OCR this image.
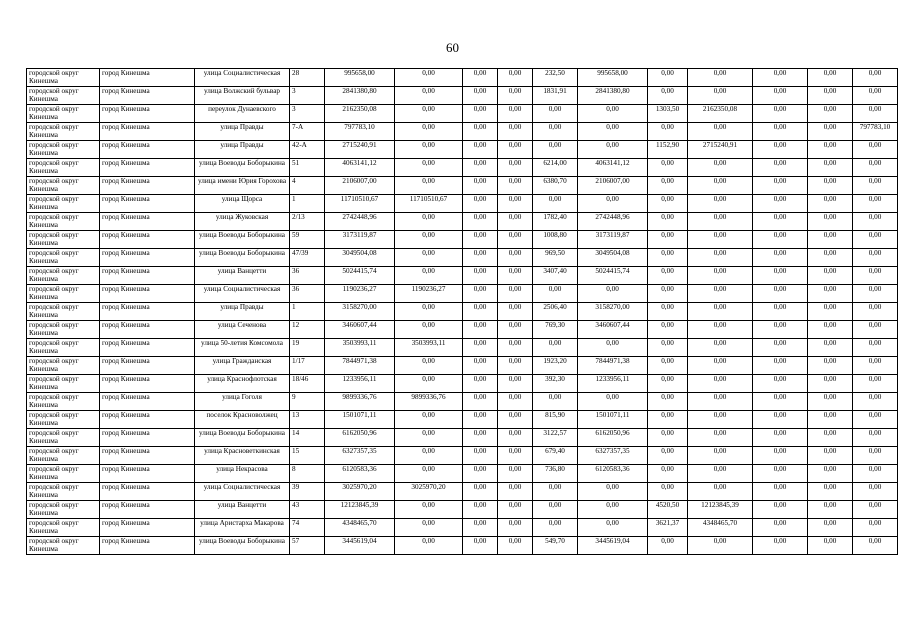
60
городской округ Кинешма	город Кинешма	улица Социалистическая	28	995658,00	0,00	0,00	0,00	232,50	995658,00	0,00	0,00	0,00	0,00	0,00
городской округ Кинешма	город Кинешма	улица Волжский бульвар	3	2841380,80	0,00	0,00	0,00	1831,91	2841380,80	0,00	0,00	0,00	0,00	0,00
городской округ Кинешма	город Кинешма	переулок Дунаевского	3	2162350,08	0,00	0,00	0,00	0,00	0,00	1303,50	2162350,08	0,00	0,00	0,00
городской округ Кинешма	город Кинешма	улица Правды	7-А	797783,10	0,00	0,00	0,00	0,00	0,00	0,00	0,00	0,00	0,00	797783,10
городской округ Кинешма	город Кинешма	улица Правды	42-А	2715240,91	0,00	0,00	0,00	0,00	0,00	1152,90	2715240,91	0,00	0,00	0,00
городской округ Кинешма	город Кинешма	улица Воеводы Боборыкина	51	4063141,12	0,00	0,00	0,00	6214,00	4063141,12	0,00	0,00	0,00	0,00	0,00
городской округ Кинешма	город Кинешма	улица имени Юрия Горохова	4	2106007,00	0,00	0,00	0,00	6380,70	2106007,00	0,00	0,00	0,00	0,00	0,00
городской округ Кинешма	город Кинешма	улица Щорса	1	11710510,67	11710510,67	0,00	0,00	0,00	0,00	0,00	0,00	0,00	0,00	0,00
городской округ Кинешма	город Кинешма	улица Жуковская	2/13	2742448,96	0,00	0,00	0,00	1782,40	2742448,96	0,00	0,00	0,00	0,00	0,00
городской округ Кинешма	город Кинешма	улица Воеводы Боборыкина	59	3173119,87	0,00	0,00	0,00	1008,80	3173119,87	0,00	0,00	0,00	0,00	0,00
городской округ Кинешма	город Кинешма	улица Воеводы Боборыкина	47/39	3049504,08	0,00	0,00	0,00	969,50	3049504,08	0,00	0,00	0,00	0,00	0,00
городской округ Кинешма	город Кинешма	улица Ванцетти	36	5024415,74	0,00	0,00	0,00	3407,40	5024415,74	0,00	0,00	0,00	0,00	0,00
городской округ Кинешма	город Кинешма	улица Социалистическая	36	1190236,27	1190236,27	0,00	0,00	0,00	0,00	0,00	0,00	0,00	0,00	0,00
городской округ Кинешма	город Кинешма	улица Правды	1	3158270,00	0,00	0,00	0,00	2506,40	3158270,00	0,00	0,00	0,00	0,00	0,00
городской округ Кинешма	город Кинешма	улица Сеченова	12	3460607,44	0,00	0,00	0,00	769,30	3460607,44	0,00	0,00	0,00	0,00	0,00
городской округ Кинешма	город Кинешма	улица 50-летия Комсомола	19	3503993,11	3503993,11	0,00	0,00	0,00	0,00	0,00	0,00	0,00	0,00	0,00
городской округ Кинешма	город Кинешма	улица Гражданская	1/17	7844971,38	0,00	0,00	0,00	1923,20	7844971,38	0,00	0,00	0,00	0,00	0,00
городской округ Кинешма	город Кинешма	улица Краснофлотская	18/46	1233956,11	0,00	0,00	0,00	392,30	1233956,11	0,00	0,00	0,00	0,00	0,00
городской округ Кинешма	город Кинешма	улица Гоголя	9	9899336,76	9899336,76	0,00	0,00	0,00	0,00	0,00	0,00	0,00	0,00	0,00
городской округ Кинешма	город Кинешма	поселок Красноволжец	13	1501071,11	0,00	0,00	0,00	815,90	1501071,11	0,00	0,00	0,00	0,00	0,00
городской округ Кинешма	город Кинешма	улица Воеводы Боборыкина	14	6162050,96	0,00	0,00	0,00	3122,57	6162050,96	0,00	0,00	0,00	0,00	0,00
городской округ Кинешма	город Кинешма	улица Красноветкинская	15	6327357,35	0,00	0,00	0,00	679,40	6327357,35	0,00	0,00	0,00	0,00	0,00
городской округ Кинешма	город Кинешма	улица Некрасова	8	6120583,36	0,00	0,00	0,00	736,80	6120583,36	0,00	0,00	0,00	0,00	0,00
городской округ Кинешма	город Кинешма	улица Социалистическая	39	3025970,20	3025970,20	0,00	0,00	0,00	0,00	0,00	0,00	0,00	0,00	0,00
городской округ Кинешма	город Кинешма	улица Ванцетти	43	12123845,39	0,00	0,00	0,00	0,00	0,00	4520,50	12123845,39	0,00	0,00	0,00
городской округ Кинешма	город Кинешма	улица Аристарха Макарова	74	4348465,70	0,00	0,00	0,00	0,00	0,00	3621,37	4348465,70	0,00	0,00	0,00
городской округ Кинешма	город Кинешма	улица Воеводы Боборыкина	57	3445619,04	0,00	0,00	0,00	549,70	3445619,04	0,00	0,00	0,00	0,00	0,00
